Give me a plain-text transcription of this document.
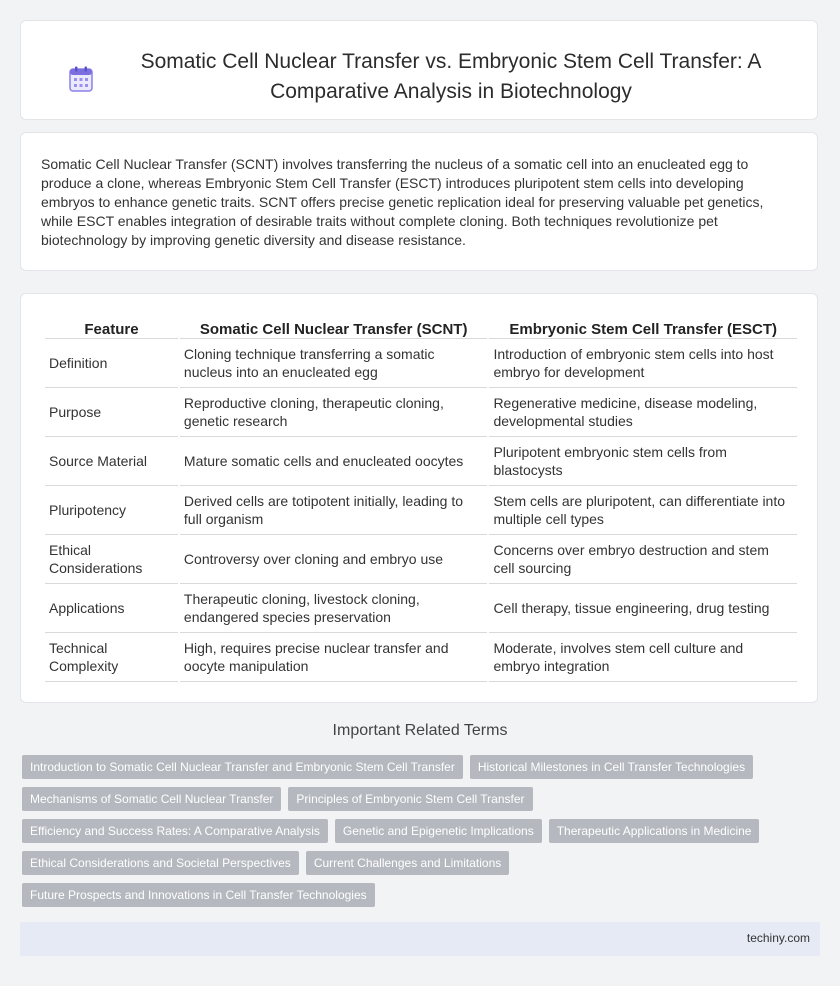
Somatic Cell Nuclear Transfer vs. Embryonic Stem Cell Transfer: A Comparative Analysis in Biotechnology
Somatic Cell Nuclear Transfer (SCNT) involves transferring the nucleus of a somatic cell into an enucleated egg to produce a clone, whereas Embryonic Stem Cell Transfer (ESCT) introduces pluripotent stem cells into developing embryos to enhance genetic traits. SCNT offers precise genetic replication ideal for preserving valuable pet genetics, while ESCT enables integration of desirable traits without complete cloning. Both techniques revolutionize pet biotechnology by improving genetic diversity and disease resistance.
Feature	Somatic Cell Nuclear Transfer (SCNT)	Embryonic Stem Cell Transfer (ESCT)
Definition	Cloning technique transferring a somatic nucleus into an enucleated egg	Introduction of embryonic stem cells into host embryo for development
Purpose	Reproductive cloning, therapeutic cloning, genetic research	Regenerative medicine, disease modeling, developmental studies
Source Material	Mature somatic cells and enucleated oocytes	Pluripotent embryonic stem cells from blastocysts
Pluripotency	Derived cells are totipotent initially, leading to full organism	Stem cells are pluripotent, can differentiate into multiple cell types
Ethical Considerations	Controversy over cloning and embryo use	Concerns over embryo destruction and stem cell sourcing
Applications	Therapeutic cloning, livestock cloning, endangered species preservation	Cell therapy, tissue engineering, drug testing
Technical Complexity	High, requires precise nuclear transfer and oocyte manipulation	Moderate, involves stem cell culture and embryo integration
Important Related Terms
Introduction to Somatic Cell Nuclear Transfer and Embryonic Stem Cell Transfer	Historical Milestones in Cell Transfer Technologies
Mechanisms of Somatic Cell Nuclear Transfer	Principles of Embryonic Stem Cell Transfer
Efficiency and Success Rates: A Comparative Analysis	Genetic and Epigenetic Implications	Therapeutic Applications in Medicine
Ethical Considerations and Societal Perspectives	Current Challenges and Limitations
Future Prospects and Innovations in Cell Transfer Technologies
techiny.com
